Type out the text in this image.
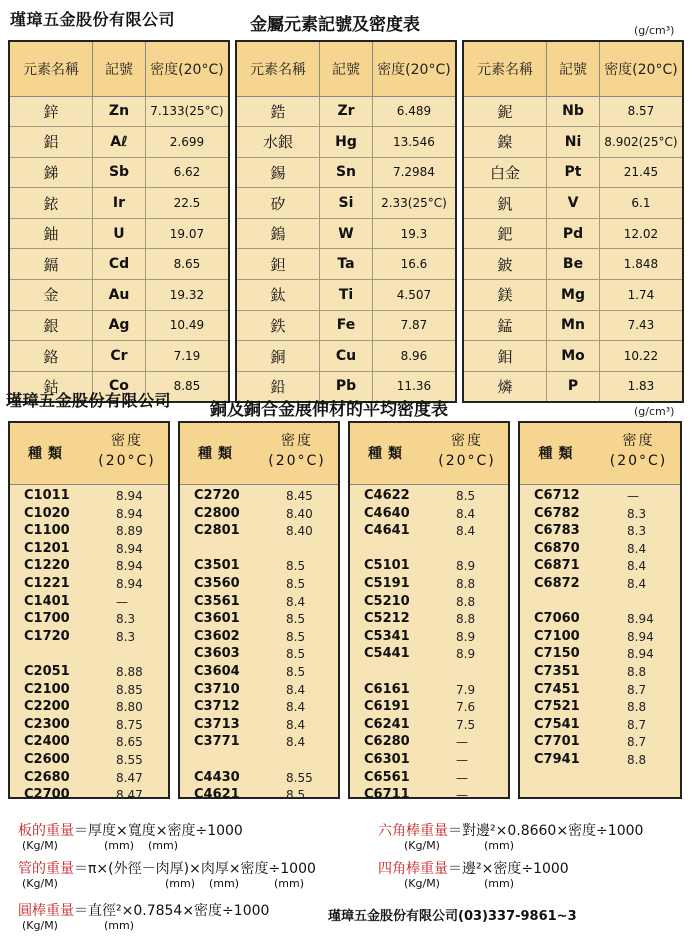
瑾璋五金股份有限公司	金屬元素記號及密度表	(g/cm³)
元素名稱	記號	密度(20°C)
鋅	Zn	7.133(25°C)
鋁	Aℓ	2.699
銻	Sb	6.62
銥	Ir	22.5
鈾	U	19.07
鎘	Cd	8.65
金	Au	19.32
銀	Ag	10.49
鉻	Cr	7.19
鈷	Co	8.85
元素名稱	記號	密度(20°C)
鋯	Zr	6.489
水銀	Hg	13.546
錫	Sn	7.2984
矽	Si	2.33(25°C)
鎢	W	19.3
鉭	Ta	16.6
鈦	Ti	4.507
鉄	Fe	7.87
銅	Cu	8.96
鉛	Pb	11.36
元素名稱	記號	密度(20°C)
鈮	Nb	8.57
鎳	Ni	8.902(25°C)
白金	Pt	21.45
釩	V	6.1
鈀	Pd	12.02
鈹	Be	1.848
鎂	Mg	1.74
錳	Mn	7.43
鉬	Mo	10.22
燐	P	1.83
瑾璋五金股份有限公司 銅及銅合金展伸材的平均密度表	(g/cm³)
種類
密度
(20°C)
C1011	8.94
C1020	8.94
C1100	8.89
C1201	8.94
C1220	8.94
C1221	8.94
C1401	—
C1700	8.3
C1720	8.3
C2051	8.88
C2100	8.85
C2200	8.80
C2300	8.75
C2400	8.65
C2600	8.55
C2680	8.47
C2700	8.47
種類
密度
(20°C)
C2720	8.45
C2800	8.40
C2801	8.40
C3501	8.5
C3560	8.5
C3561	8.4
C3601	8.5
C3602	8.5
C3603	8.5
C3604	8.5
C3710	8.4
C3712	8.4
C3713	8.4
C3771	8.4
C4430	8.55
C4621	8.5
種類
密度
(20°C)
C4622	8.5
C4640	8.4
C4641	8.4
C5101	8.9
C5191	8.8
C5210	8.8
C5212	8.8
C5341	8.9
C5441	8.9
C6161	7.9
C6191	7.6
C6241	7.5
C6280	—
C6301	—
C6561	—
C6711	—
種類
密度
(20°C)
C6712	—
C6782	8.3
C6783	8.3
C6870	8.4
C6871	8.4
C6872	8.4
C7060	8.94
C7100	8.94
C7150	8.94
C7351	8.8
C7451	8.7
C7521	8.8
C7541	8.7
C7701	8.7
C7941	8.8
板的重量＝厚度×寬度×密度÷1000
(Kg/M)	(mm)    (mm)
管的重量＝π×(外徑－肉厚)×肉厚×密度÷1000
(Kg/M)	(mm)    (mm)          (mm)
圓棒重量＝直徑²×0.7854×密度÷1000
(Kg/M)	(mm)
六角棒重量＝對邊²×0.8660×密度÷1000
(Kg/M)	(mm)
四角棒重量＝邊²×密度÷1000
(Kg/M)	(mm)
瑾璋五金股份有限公司(03)337-9861~3
